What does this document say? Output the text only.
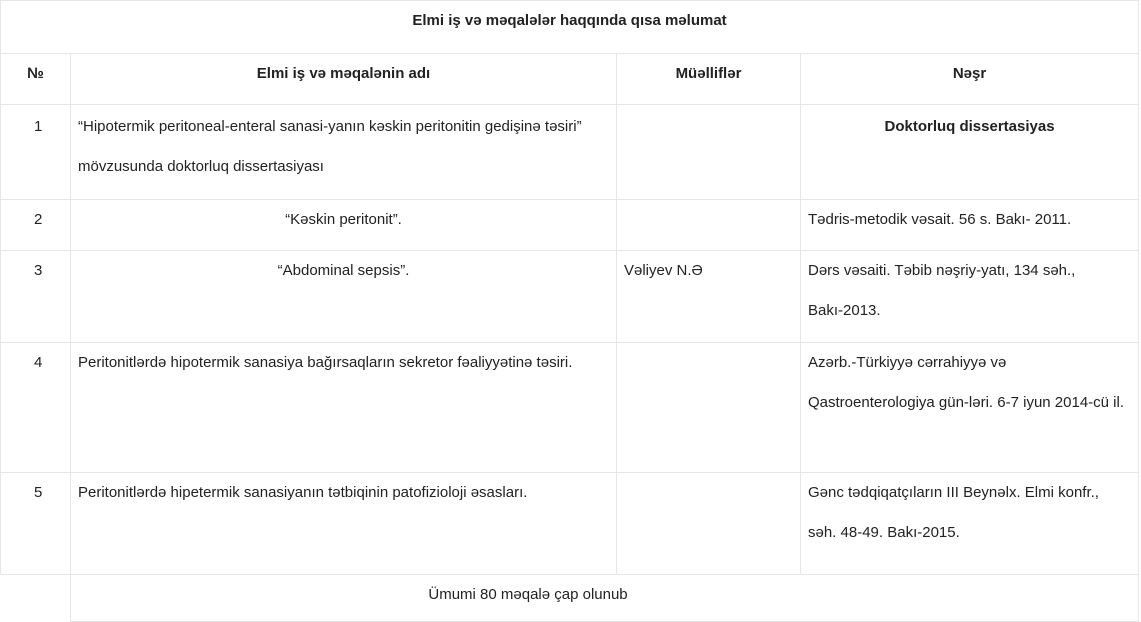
Elmi iş və məqalələr haqqında qısa məlumat			
№	Elmi iş və məqalənin adı	Müəlliflər	Nəşr
1	“Hipotermik peritoneal-enteral sanasi-yanın kəskin peritonitin gedişinə təsiri” mövzusunda doktorluq dissertasiyası		Doktorluq dissertasiyas
2	“Kəskin peritonit”.		Tədris-metodik vəsait. 56 s. Bakı- 2011.
3	“Abdominal sepsis”.	Vəliyev N.Ə	Dərs vəsaiti. Təbib nəşriy-yatı, 134 səh., Bakı-2013.
4	Peritonitlərdə hipotermik sanasiya bağırsaqların sekretor fəaliyyətinə təsiri.		Azərb.-Türkiyyə cərrahiyyə və Qastroenterologiya gün-ləri. 6-7 iyun 2014-cü il.
5	Peritonitlərdə hipetermik sanasiyanın tətbiqinin patofizioloji əsasları.		Gənc tədqiqatçıların III Beynəlx. Elmi konfr., səh. 48-49. Bakı-2015.
	Ümumi 80 məqalə çap olunub		
